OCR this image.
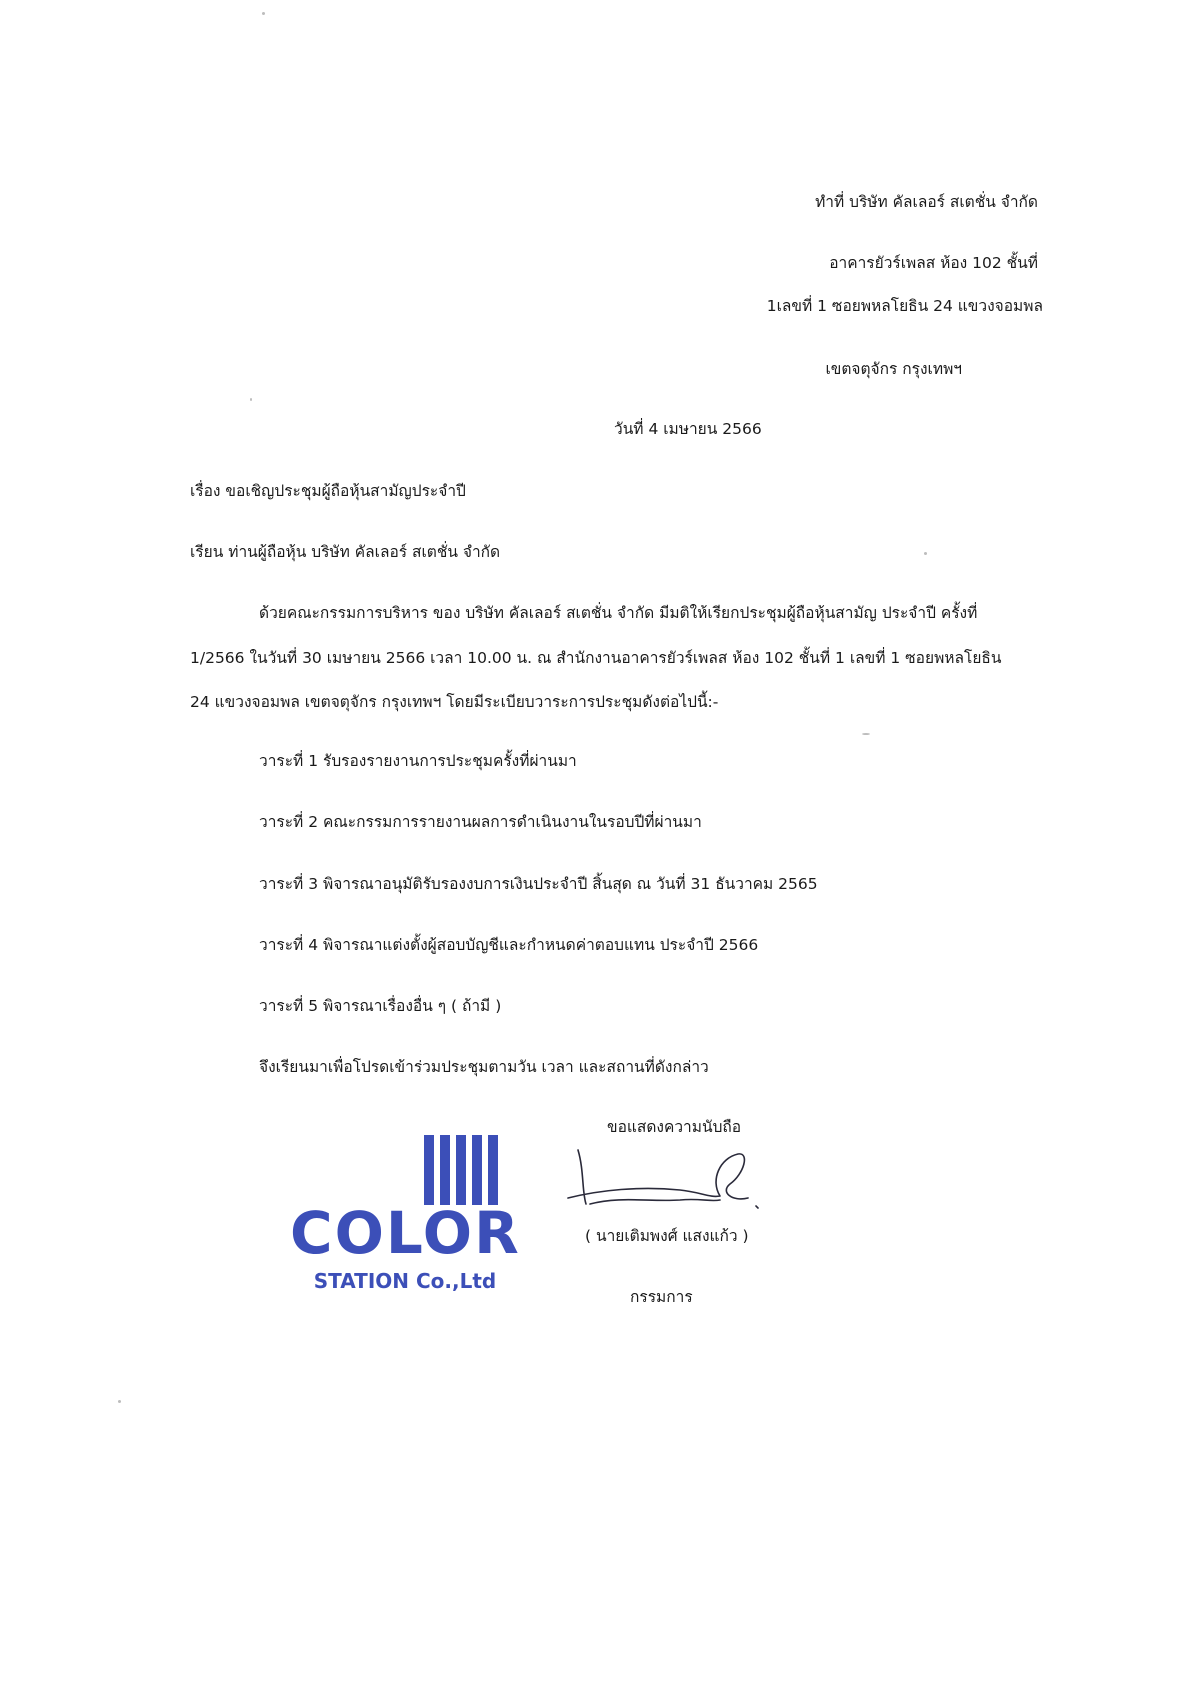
ทำที่ บริษัท คัลเลอร์ สเตชั่น จำกัด
อาคารยัวร์เพลส ห้อง 102 ชั้นที่
1เลขที่ 1 ซอยพหลโยธิน 24 แขวงจอมพล
เขตจตุจักร กรุงเทพฯ
วันที่ 4 เมษายน 2566
เรื่อง ขอเชิญประชุมผู้ถือหุ้นสามัญประจำปี
เรียน ท่านผู้ถือหุ้น บริษัท คัลเลอร์ สเตชั่น จำกัด
ด้วยคณะกรรมการบริหาร ของ บริษัท คัลเลอร์ สเตชั่น จำกัด มีมติให้เรียกประชุมผู้ถือหุ้นสามัญ ประจำปี ครั้งที่
1/2566 ในวันที่ 30 เมษายน 2566 เวลา 10.00 น. ณ สำนักงานอาคารยัวร์เพลส ห้อง 102 ชั้นที่ 1 เลขที่ 1 ซอยพหลโยธิน
24 แขวงจอมพล เขตจตุจักร กรุงเทพฯ โดยมีระเบียบวาระการประชุมดังต่อไปนี้:-
วาระที่ 1 รับรองรายงานการประชุมครั้งที่ผ่านมา
วาระที่ 2 คณะกรรมการรายงานผลการดำเนินงานในรอบปีที่ผ่านมา
วาระที่ 3 พิจารณาอนุมัติรับรองงบการเงินประจำปี สิ้นสุด ณ วันที่ 31 ธันวาคม 2565
วาระที่ 4 พิจารณาแต่งตั้งผู้สอบบัญชีและกำหนดค่าตอบแทน ประจำปี 2566
วาระที่ 5 พิจารณาเรื่องอื่น ๆ ( ถ้ามี )
จึงเรียนมาเพื่อโปรดเข้าร่วมประชุมตามวัน เวลา และสถานที่ดังกล่าว
ขอแสดงความนับถือ
COLOR
STATION Co.,Ltd
( นายเติมพงศ์ แสงแก้ว )
กรรมการ
